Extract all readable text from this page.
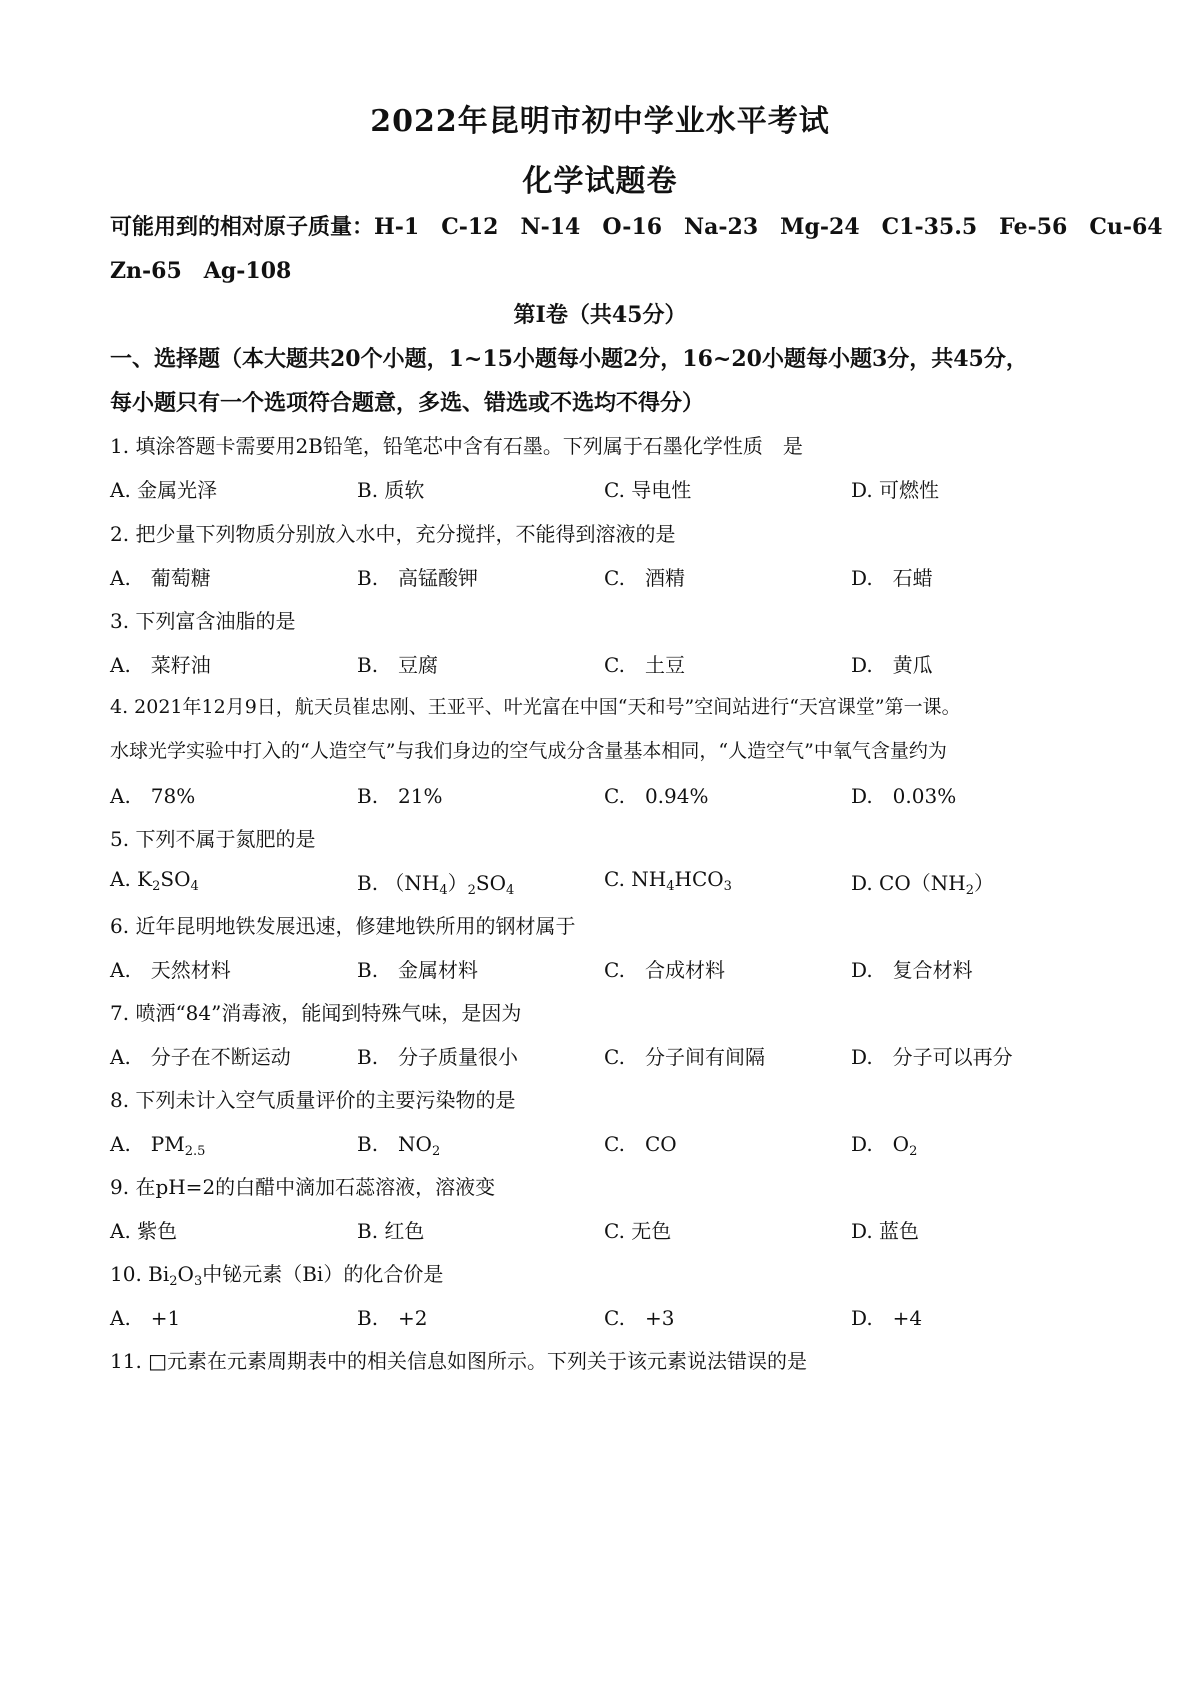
2022年昆明市初中学业水平考试
化学试题卷
可能用到的相对原子质量：H-1　C-12　N-14　O-16　Na-23　Mg-24　C1-35.5　Fe-56　Cu-64
Zn-65　Ag-108
第Ⅰ卷（共45分）
一、选择题（本大题共20个小题，1~15小题每小题2分，16~20小题每小题3分，共45分，
每小题只有一个选项符合题意，多选、错选或不选均不得分）
1. 填涂答题卡需要用2B铅笔，铅笔芯中含有石墨。下列属于石墨化学性质　是
A. 金属光泽	B. 质软	C. 导电性	D. 可燃性
2. 把少量下列物质分别放入水中，充分搅拌，不能得到溶液的是
A.　葡萄糖	B.　高锰酸钾	C.　酒精	D.　石蜡
3. 下列富含油脂的是
A.　菜籽油	B.　豆腐	C.　土豆	D.　黄瓜
4. 2021年12月9日，航天员崔忠刚、王亚平、叶光富在中国“天和号”空间站进行“天宫课堂”第一课。
水球光学实验中打入的“人造空气”与我们身边的空气成分含量基本相同，“人造空气”中氧气含量约为
A.　78%	B.　21%	C.　0.94%	D.　0.03%
5. 下列不属于氮肥的是
A. $K_2SO_4$	B. $(NH_4)_2SO_4$	C. $NH_4HCO_3$	D. $CO(NH_2)$
6. 近年昆明地铁发展迅速，修建地铁所用的钢材属于
A.　天然材料	B.　金属材料	C.　合成材料	D.　复合材料
7. 喷洒“84”消毒液，能闻到特殊气味，是因为
A.　分子在不断运动	B.　分子质量很小	C.　分子间有间隔	D.　分子可以再分
8. 下列未计入空气质量评价的主要污染物的是
A.　$PM_{2.5}$	B.　$NO_2$	C.　CO	D.　$O_2$
9. 在pH=2的白醋中滴加石蕊溶液，溶液变
A. 紫色	B. 红色	C. 无色	D. 蓝色
10. $Bi_2O_3$中铋元素（Bi）的化合价是
A.　+1	B.　+2	C.　+3	D.　+4
11. □元素在元素周期表中的相关信息如图所示。下列关于该元素说法错误的是
